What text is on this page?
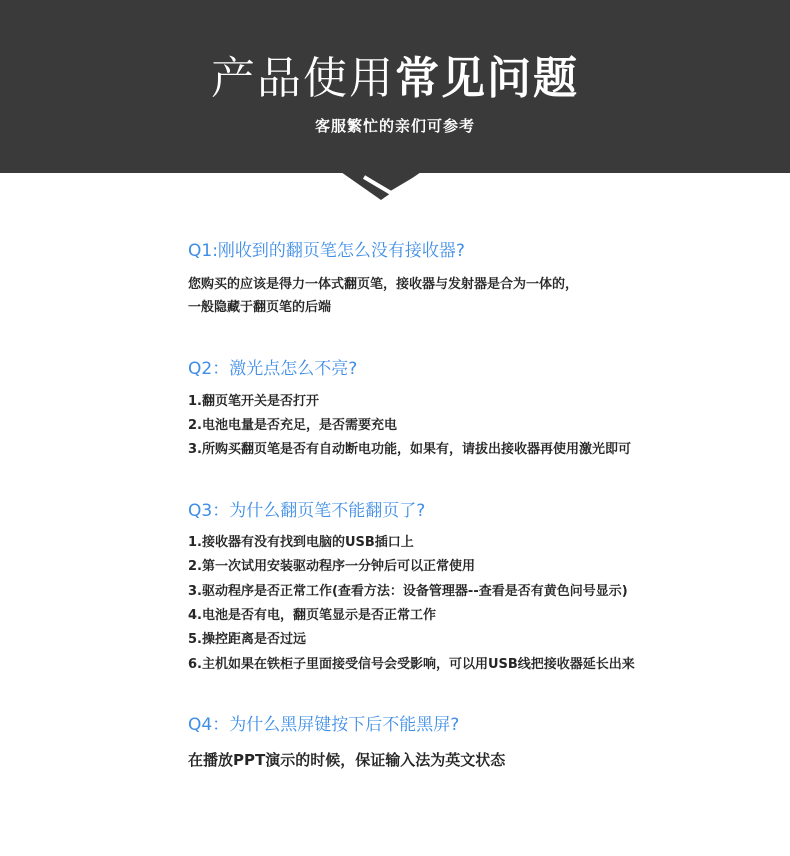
产品使用常见问题
客服繁忙的亲们可参考
Q1:刚收到的翻页笔怎么没有接收器?
您购买的应该是得力一体式翻页笔，接收器与发射器是合为一体的，
一般隐藏于翻页笔的后端
Q2：激光点怎么不亮?
1.翻页笔开关是否打开
2.电池电量是否充足，是否需要充电
3.所购买翻页笔是否有自动断电功能，如果有，请拔出接收器再使用激光即可
Q3：为什么翻页笔不能翻页了?
1.接收器有没有找到电脑的USB插口上
2.第一次试用安装驱动程序一分钟后可以正常使用
3.驱动程序是否正常工作(查看方法：设备管理器--查看是否有黄色问号显示)
4.电池是否有电，翻页笔显示是否正常工作
5.操控距离是否过远
6.主机如果在铁柜子里面接受信号会受影响，可以用USB线把接收器延长出来
Q4：为什么黑屏键按下后不能黑屏?
在播放PPT演示的时候，保证输入法为英文状态
